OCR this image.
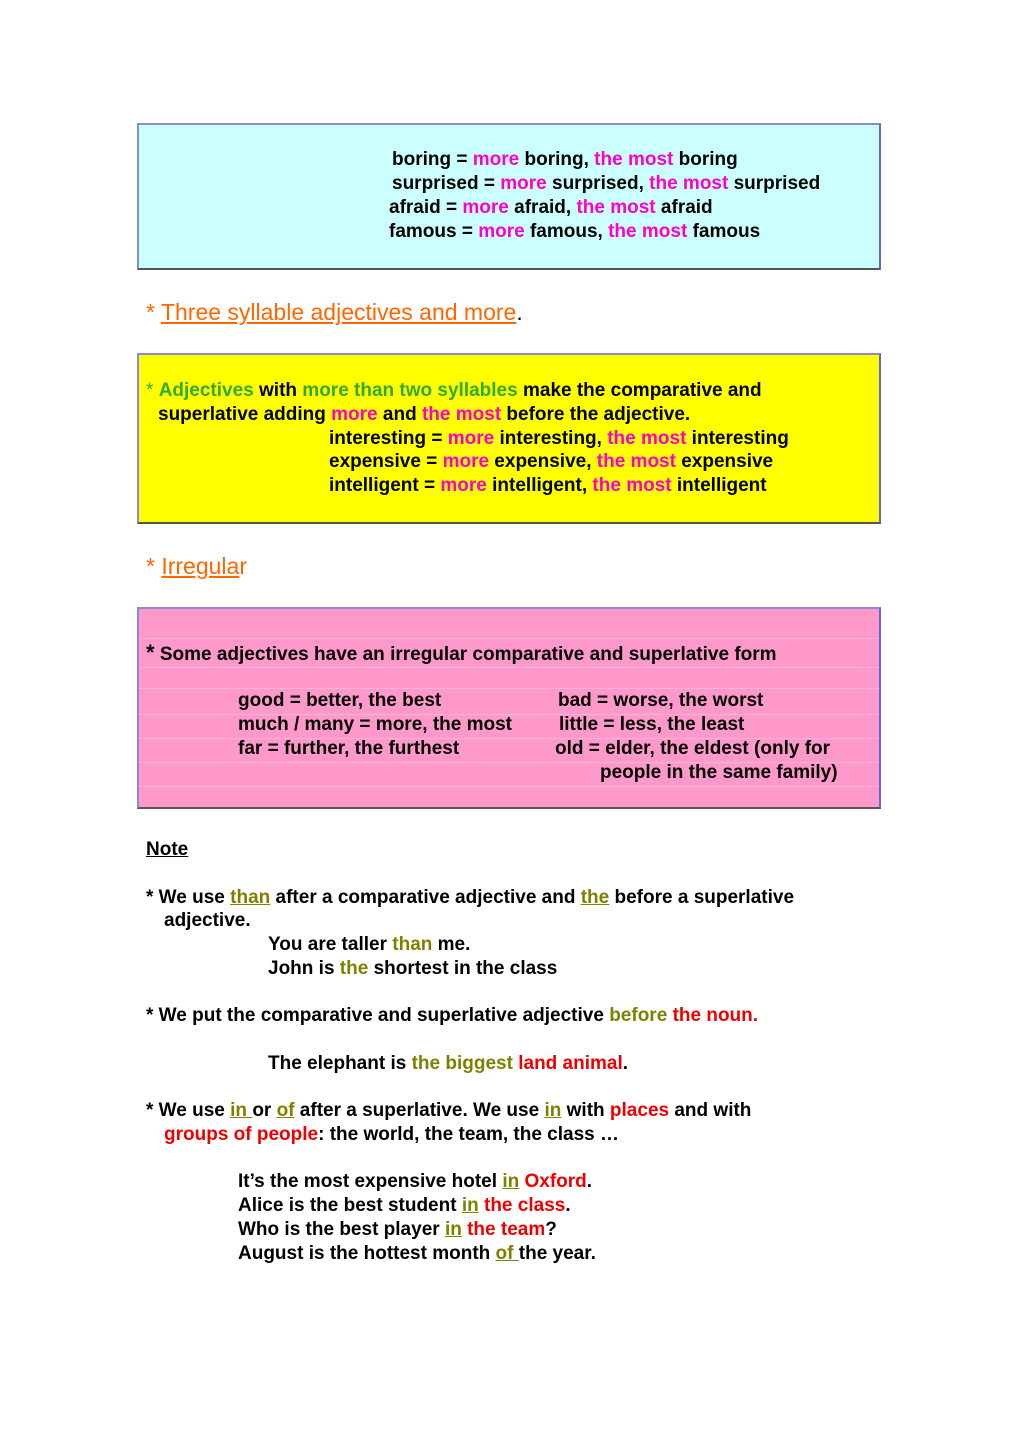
boring = more boring, the most boring
surprised = more surprised, the most surprised
afraid = more afraid, the most afraid
famous = more famous, the most famous
* Three syllable adjectives and more.
* Adjectives with more than two syllables make the comparative and
superlative adding more and the most before the adjective.
interesting = more interesting, the most interesting
expensive = more expensive, the most expensive
intelligent = more intelligent, the most intelligent
* Irregular
* Some adjectives have an irregular comparative and superlative form
good = better, the best
much / many = more, the most
far = further, the furthest
bad = worse, the worst
little = less, the least
old = elder, the eldest (only for
people in the same family)
Note
* We use than after a comparative adjective and the before a superlative
adjective.
You are taller than me.
John is the shortest in the class
* We put the comparative and superlative adjective before the noun.
The elephant is the biggest land animal.
* We use in or of after a superlative. We use in with places and with
groups of people: the world, the team, the class …
It’s the most expensive hotel in Oxford.
Alice is the best student in the class.
Who is the best player in the team?
August is the hottest month of the year.
